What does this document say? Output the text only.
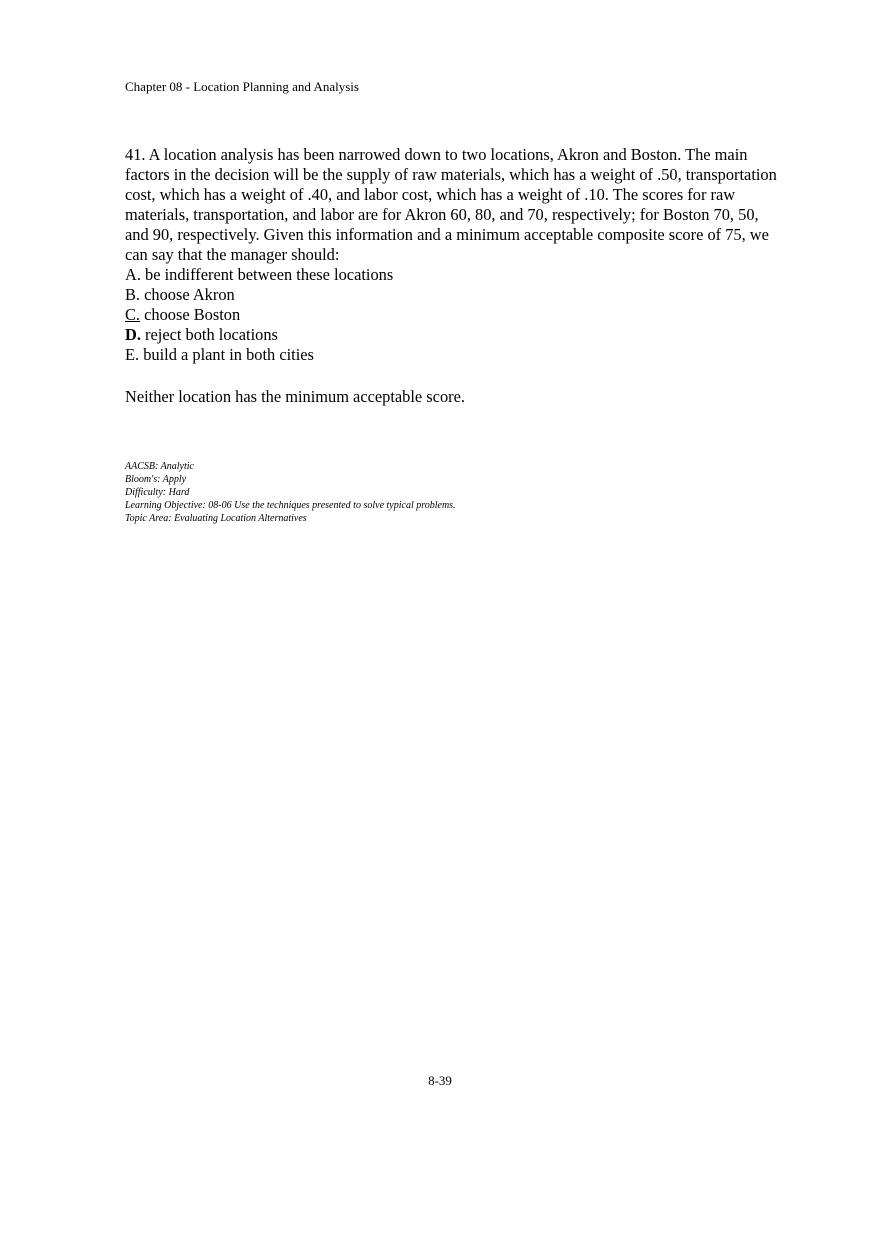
Chapter 08 - Location Planning and Analysis

41. A location analysis has been narrowed down to two locations, Akron and Boston. The main factors in the decision will be the supply of raw materials, which has a weight of .50, transportation cost, which has a weight of .40, and labor cost, which has a weight of .10. The scores for raw materials, transportation, and labor are for Akron 60, 80, and 70, respectively; for Boston 70, 50, and 90, respectively. Given this information and a minimum acceptable composite score of 75, we can say that the manager should:

A. be indifferent between these locations
B. choose Akron
C. choose Boston
D. reject both locations
E. build a plant in both cities
Neither location has the minimum acceptable score.
AACSB: Analytic
Bloom's: Apply
Difficulty: Hard
Learning Objective: 08-06 Use the techniques presented to solve typical problems.
Topic Area: Evaluating Location Alternatives
8-39
